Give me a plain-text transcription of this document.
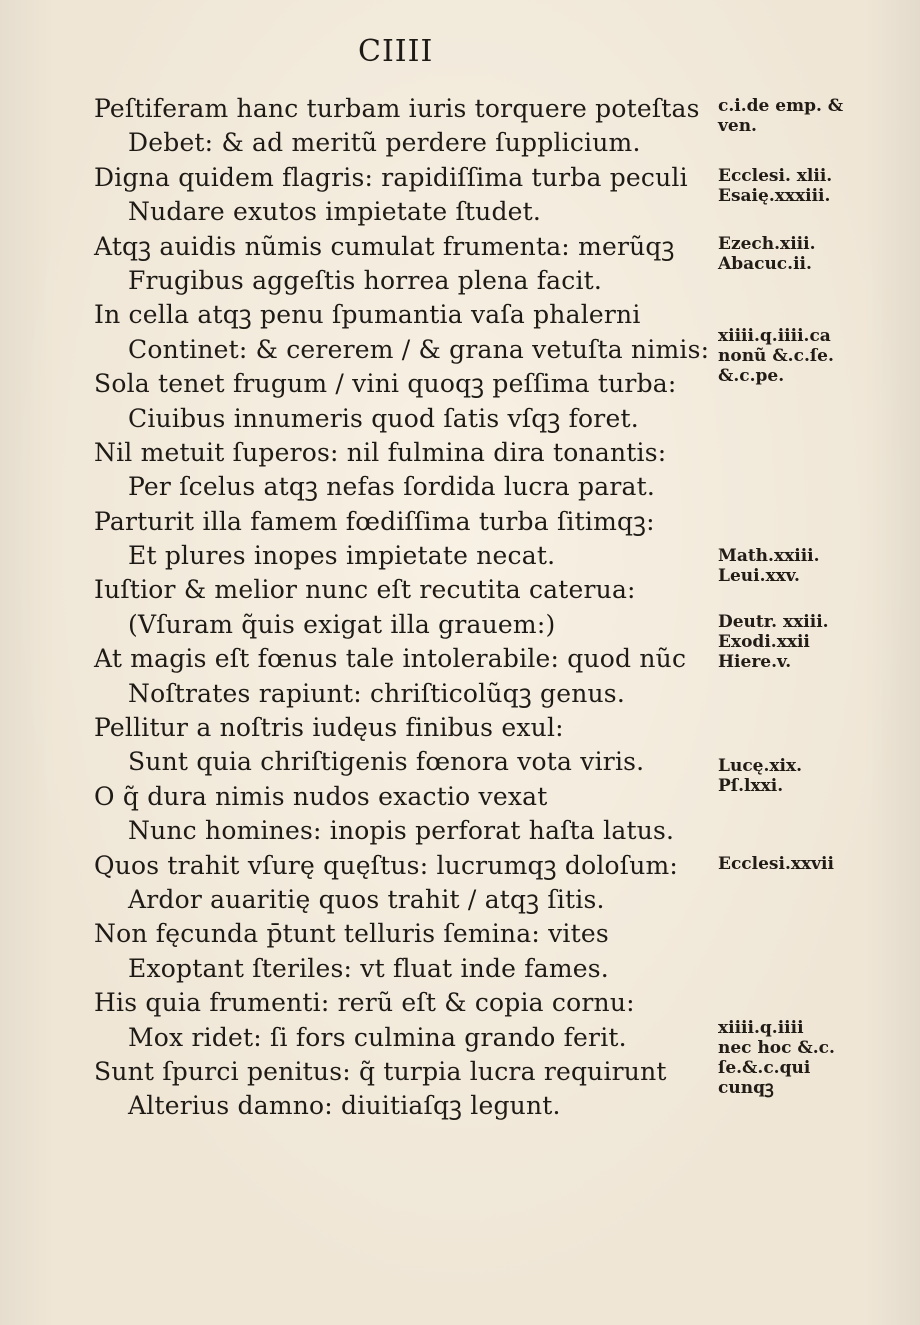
CIIII
Peſtiferam hanc turbam iuris torquere poteſtas
Debet: & ad meritũ perdere ſupplicium.
Digna quidem flagris: rapidiſſima turba peculi
Nudare exutos impietate ſtudet.
Atqꝫ auidis nũmis cumulat frumenta: merũqꝫ
Frugibus aggeſtis horrea plena facit.
In cella atqꝫ penu ſpumantia vaſa phalerni
Continet: & cererem / & grana vetuſta nimis:
Sola tenet frugum / vini quoqꝫ peſſima turba:
Ciuibus innumeris quod ſatis vſqꝫ foret.
Nil metuit ſuperos: nil fulmina dira tonantis:
Per ſcelus atqꝫ nefas ſordida lucra parat.
Parturit illa famem fœdiſſima turba ſitimqꝫ:
Et plures inopes impietate necat.
Iuſtior & melior nunc eſt recutita caterua:
(Vſuram q̃uis exigat illa grauem:)
At magis eſt fœnus tale intolerabile: quod nũc
Noſtrates rapiunt: chriſticolũqꝫ genus.
Pellitur a noſtris iudęus finibus exul:
Sunt quia chriſtigenis fœnora vota viris.
O q̃ dura nimis nudos exactio vexat
Nunc homines: inopis perforat haſta latus.
Quos trahit vſurę quęſtus: lucrumqꝫ doloſum:
Ardor auaritię quos trahit / atqꝫ ſitis.
Non fęcunda p̄tunt telluris ſemina: vites
Exoptant ſteriles: vt fluat inde fames.
His quia frumenti: rerũ eſt & copia cornu:
Mox ridet: ſi fors culmina grando ferit.
Sunt ſpurci penitus: q̃ turpia lucra requirunt
Alterius damno: diuitiaſqꝫ legunt.
c.i.de emp. &
ven.
Ecclesi. xlii.
Esaię.xxxiii.
Ezech.xiii.
Abacuc.ii.
xiiii.q.iiii.ca
nonũ &.c.ſe.
&.c.pe.
Math.xxiii.
Leui.xxv.
Deutr. xxiii.
Exodi.xxii
Hiere.v.
Lucę.xix.
Pſ.lxxi.
Ecclesi.xxvii
xiiii.q.iiii
nec hoc &.c.
ſe.&.c.qui
cunqꝫ
